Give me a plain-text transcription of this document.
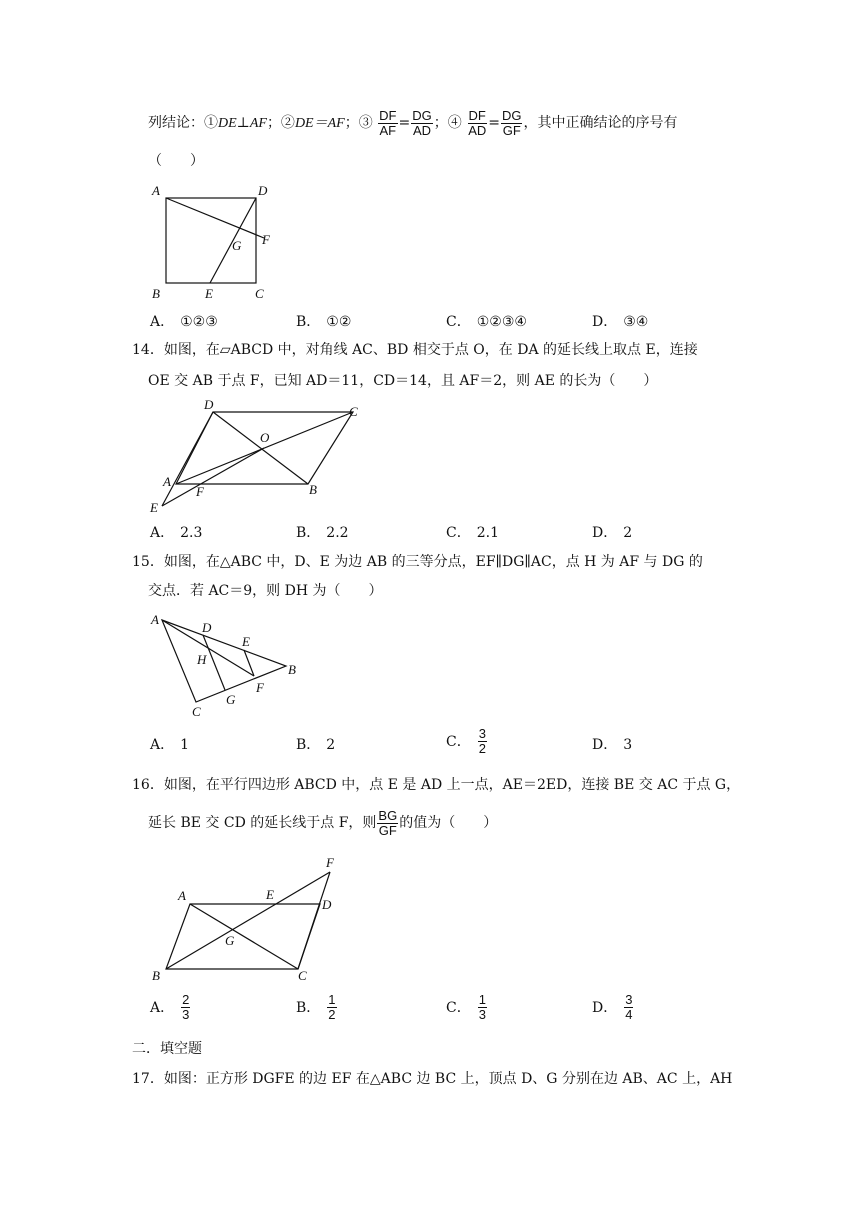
列结论：①DE⊥AF；②DE＝AF；③ $\frac{DF}{AF} = \frac{DG}{AD}$ ；④ $\frac{DF}{AD} = \frac{DG}{GF}$ ，其中正确结论的序号有
（　　）
A	D
B	E	C
G F
A． ①②③	B． ①②	C． ①②③④	D． ③④
14．如图，在▱ABCD 中，对角线 AC、BD 相交于点 O，在 DA 的延长线上取点 E，连接
OE 交 AB 于点 F，已知 AD＝11，CD＝14，且 AF＝2，则 AE 的长为（　　）
D	C
O
A
F	B
E
A． 2.3	B． 2.2	C． 2.1	D． 2
15．如图，在△ABC 中，D、E 为边 AB 的三等分点，EF∥DG∥AC，点 H 为 AF 与 DG 的
交点．若 AC＝9，则 DH 为（　　）
A
D
E
H
B
F
G
C
A． 1	B． 2	C． $\frac{3}{2}$	D． 3
16．如图，在平行四边形 ABCD 中，点 E 是 AD 上一点，AE＝2ED，连接 BE 交 AC 于点 G，
延长 BE 交 CD 的延长线于点 F，则 $\frac{BG}{GF}$ 的值为（　　）
F
A	E
D
G
B	C
A． $\frac{2}{3}$	B． $\frac{1}{2}$	C． $\frac{1}{3}$	D． $\frac{3}{4}$
二．填空题
17．如图：正方形 DGFE 的边 EF 在△ABC 边 BC 上，顶点 D、G 分别在边 AB、AC 上，AH
